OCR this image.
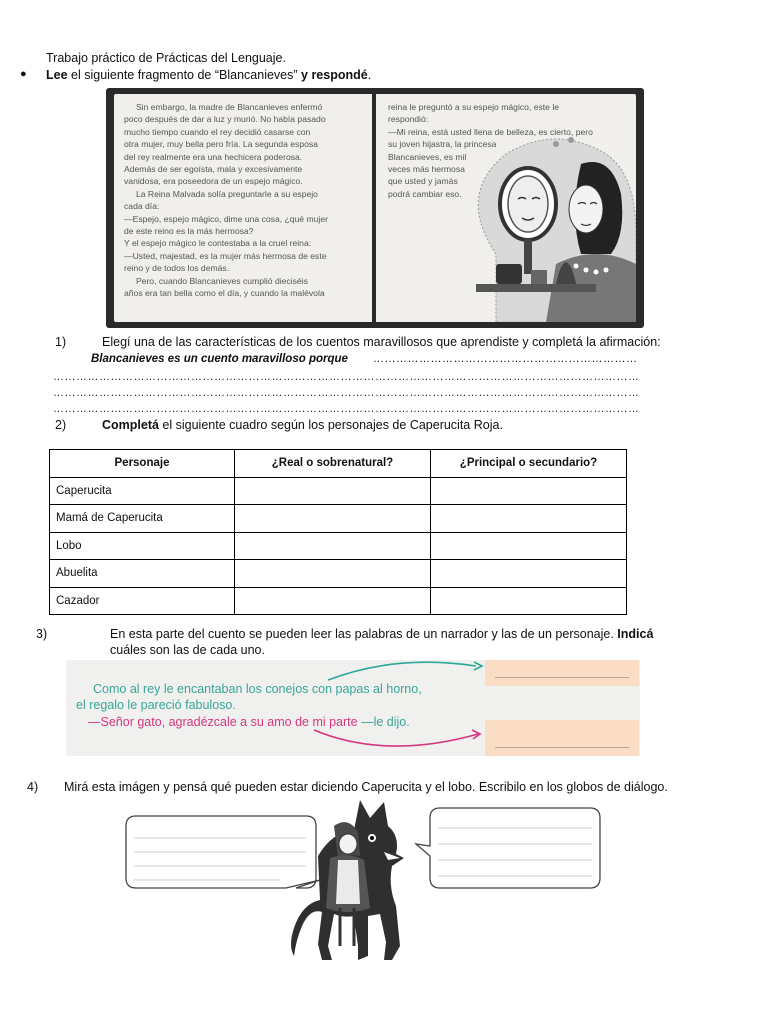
Trabajo práctico de Prácticas del Lenguaje.
● Lee el siguiente fragmento de “Blancanieves” y respondé.
Sin embargo, la madre de Blancanieves enfermó
poco después de dar a luz y murió. No había pasado
mucho tiempo cuando el rey decidió casarse con
otra mujer, muy bella pero fría. La segunda esposa
del rey realmente era una hechicera poderosa.
Además de ser egoísta, mala y excesivamente
vanidosa, era poseedora de un espejo mágico.
La Reina Malvada solía preguntarle a su espejo
cada día:
—Espejo, espejo mágico, dime una cosa, ¿qué mujer
de este reino es la más hermosa?
Y el espejo mágico le contestaba a la cruel reina:
—Usted, majestad, es la mujer más hermosa de este
reino y de todos los demás.
Pero, cuando Blancanieves cumplió dieciséis
años era tan bella como el día, y cuando la malévola
reina le preguntó a su espejo mágico, este le
respondió:
—Mi reina, está usted llena de belleza, es cierto, pero
su joven hijastra, la princesa
Blancanieves, es mil
veces más hermosa
que usted y jamás
podrá cambiar eso.
1)	Elegí una de las características de los cuentos maravillosos que aprendiste y completá la afirmación:
Blancanieves es un cuento maravilloso porque ……………………………………………………………
………………………………………………………………………………………………………………………………………
………………………………………………………………………………………………………………………………………
………………………………………………………………………………………………………………………………………
2)	Completá el siguiente cuadro según los personajes de Caperucita Roja.
Personaje	¿Real o sobrenatural?	¿Principal o secundario?
Caperucita		
Mamá de Caperucita		
Lobo		
Abuelita		
Cazador		
3)	En esta parte del cuento se pueden leer las palabras de un narrador y las de un personaje. Indicá
cuáles son las de cada uno.
Como al rey le encantaban los conejos con papas al horno,
el regalo le pareció fabuloso.
—Señor gato, agradézcale a su amo de mi parte —le dijo.
4) Mirá esta imágen y pensá qué pueden estar diciendo Caperucita y el lobo. Escribilo en los globos de diálogo.
